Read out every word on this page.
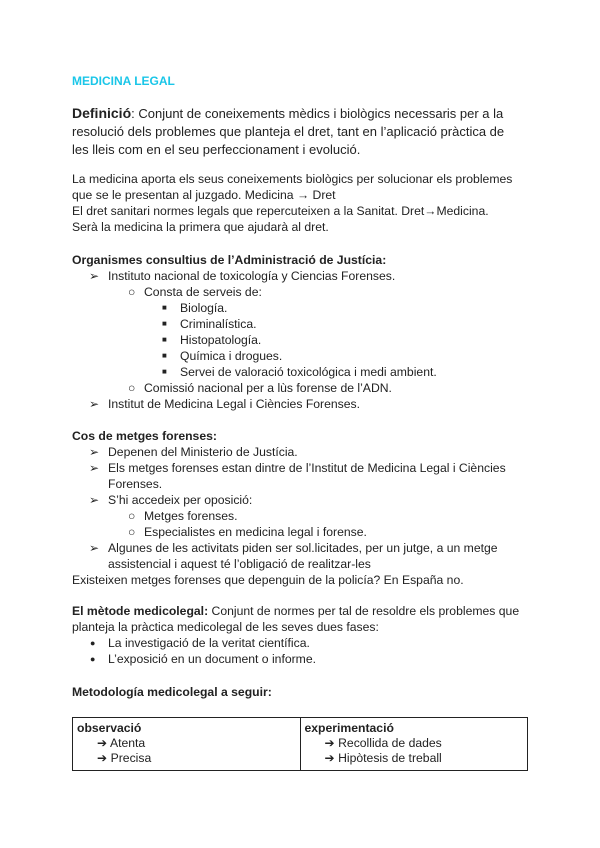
MEDICINA LEGAL
Definició: Conjunt de coneixements mèdics i biològics necessaris per a la resolució dels problemes que planteja el dret, tant en l’aplicació pràctica de les lleis com en el seu perfeccionament i evolució.
La medicina aporta els seus coneixements biològics per solucionar els problemes que se le presentan al juzgado. Medicina → Dret
El dret sanitari normes legals que repercuteixen a la Sanitat. Dret→Medicina.
Serà la medicina la primera que ajudarà al dret.
Organismes consultius de l’Administració de Justícia:
➢ Instituto nacional de toxicología y Ciencias Forenses.
○ Consta de serveis de:
■ Biología.
■ Criminalística.
■ Histopatología.
■ Química i drogues.
■ Servei de valoració toxicológica i medi ambient.
○ Comissió nacional per a lùs forense de l’ADN.
➢ Institut de Medicina Legal i Ciències Forenses.
Cos de metges forenses:
➢ Depenen del Ministerio de Justícia.
➢ Els metges forenses estan dintre de l’Institut de Medicina Legal i Ciències Forenses.
➢ S’hi accedeix per oposició:
○ Metges forenses.
○ Especialistes en medicina legal i forense.
➢ Algunes de les activitats piden ser sol.licitades, per un jutge, a un metge assistencial i aquest té l’obligació de realitzar-les
Existeixen metges forenses que depenguin de la policía? En España no.
El mètode medicolegal: Conjunt de normes per tal de resoldre els problemes que planteja la pràctica medicolegal de les seves dues fases:
● La investigació de la veritat científica.
● L’exposició en un document o informe.
Metodología medicolegal a seguir:
observació
➔ Atenta
➔ Precisa

experimentació
➔ Recollida de dades
➔ Hipòtesis de treball
